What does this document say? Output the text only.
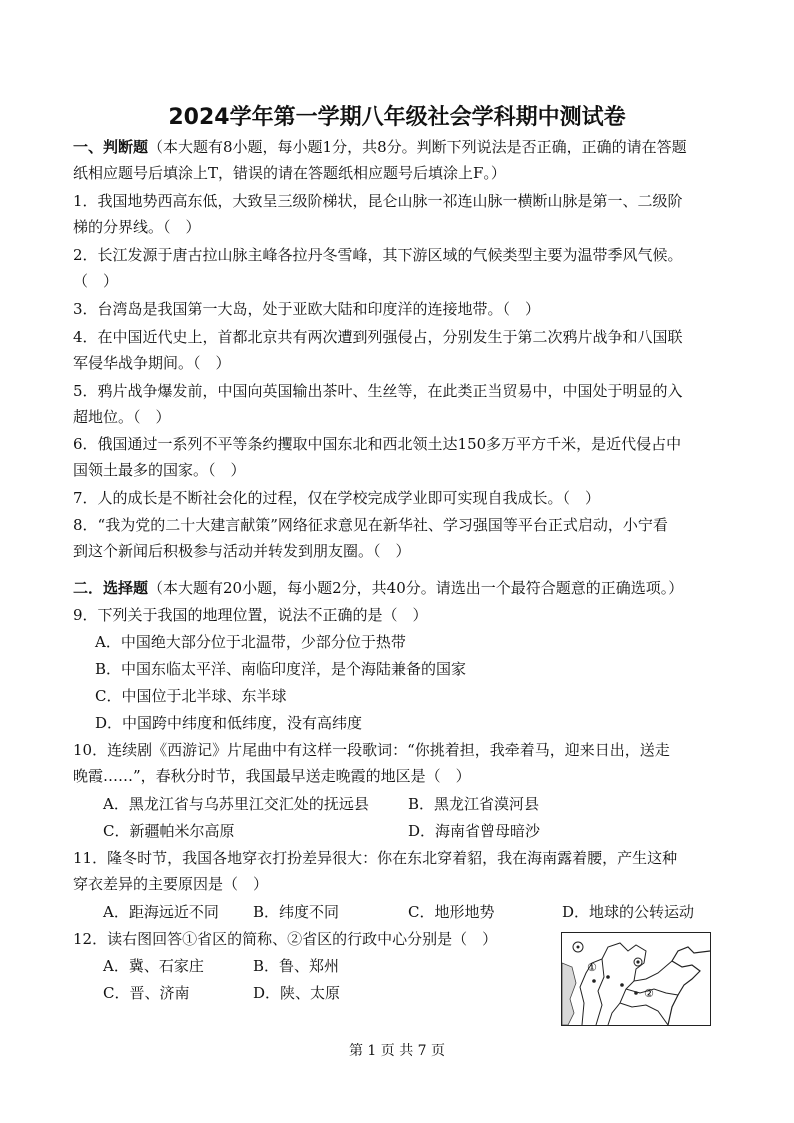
2024学年第一学期八年级社会学科期中测试卷
一、判断题（本大题有8小题，每小题1分，共8分。判断下列说法是否正确，正确的请在答题
纸相应题号后填涂上T，错误的请在答题纸相应题号后填涂上F。）
1．我国地势西高东低，大致呈三级阶梯状，昆仑山脉一祁连山脉一横断山脉是第一、二级阶
梯的分界线。（　）
2．长江发源于唐古拉山脉主峰各拉丹冬雪峰，其下游区域的气候类型主要为温带季风气候。
（　）
3．台湾岛是我国第一大岛，处于亚欧大陆和印度洋的连接地带。（　）
4．在中国近代史上，首都北京共有两次遭到列强侵占，分别发生于第二次鸦片战争和八国联
军侵华战争期间。（　）
5．鸦片战争爆发前，中国向英国输出茶叶、生丝等，在此类正当贸易中，中国处于明显的入
超地位。（　）
6．俄国通过一系列不平等条约攫取中国东北和西北领土达150多万平方千米，是近代侵占中
国领土最多的国家。（　）
7．人的成长是不断社会化的过程，仅在学校完成学业即可实现自我成长。（　）
8．“我为党的二十大建言献策”网络征求意见在新华社、学习强国等平台正式启动，小宁看
到这个新闻后积极参与活动并转发到朋友圈。（　）
二．选择题（本大题有20小题，每小题2分，共40分。请选出一个最符合题意的正确选项。）
9．下列关于我国的地理位置，说法不正确的是（　）
A．中国绝大部分位于北温带，少部分位于热带
B．中国东临太平洋、南临印度洋，是个海陆兼备的国家
C．中国位于北半球、东半球
D．中国跨中纬度和低纬度，没有高纬度
10．连续剧《西游记》片尾曲中有这样一段歌词：“你挑着担，我牵着马，迎来日出，送走
晚霞……”，春秋分时节，我国最早送走晚霞的地区是（　）
A．黑龙江省与乌苏里江交汇处的抚远县	B．黑龙江省漠河县
C．新疆帕米尔高原	D．海南省曾母暗沙
11．隆冬时节，我国各地穿衣打扮差异很大：你在东北穿着貂，我在海南露着腰，产生这种
穿衣差异的主要原因是（　）
A．距海远近不同 B．纬度不同	C．地形地势	D．地球的公转运动
12．读右图回答①省区的简称、②省区的行政中心分别是（　）
A．冀、石家庄	B．鲁、郑州
C．晋、济南	D．陕、太原
①
②
第 1 页 共 7 页
